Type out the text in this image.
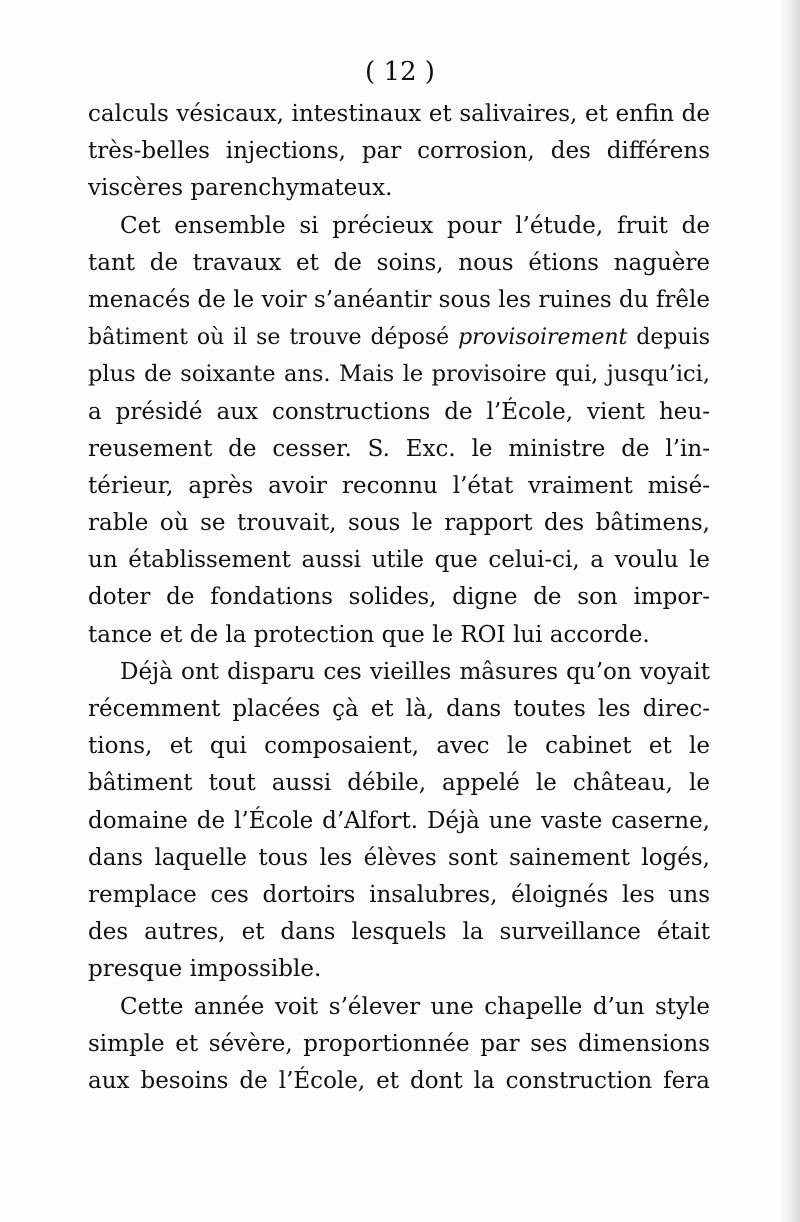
( 12 )
calculs vésicaux, intestinaux et salivaires, et enfin de
très-belles injections, par corrosion, des différens
viscères parenchymateux.
Cet ensemble si précieux pour l’étude, fruit de
tant de travaux et de soins, nous étions naguère
menacés de le voir s’anéantir sous les ruines du frêle
bâtiment où il se trouve déposé provisoirement depuis
plus de soixante ans. Mais le provisoire qui, jusqu’ici,
a présidé aux constructions de l’École, vient heu-
reusement de cesser. S. Exc. le ministre de l’in-
térieur, après avoir reconnu l’état vraiment misé-
rable où se trouvait, sous le rapport des bâtimens,
un établissement aussi utile que celui-ci, a voulu le
doter de fondations solides, digne de son impor-
tance et de la protection que le ROI lui accorde.
Déjà ont disparu ces vieilles mâsures qu’on voyait
récemment placées çà et là, dans toutes les direc-
tions, et qui composaient, avec le cabinet et le
bâtiment tout aussi débile, appelé le château, le
domaine de l’École d’Alfort. Déjà une vaste caserne,
dans laquelle tous les élèves sont sainement logés,
remplace ces dortoirs insalubres, éloignés les uns
des autres, et dans lesquels la surveillance était
presque impossible.
Cette année voit s’élever une chapelle d’un style
simple et sévère, proportionnée par ses dimensions
aux besoins de l’École, et dont la construction fera
